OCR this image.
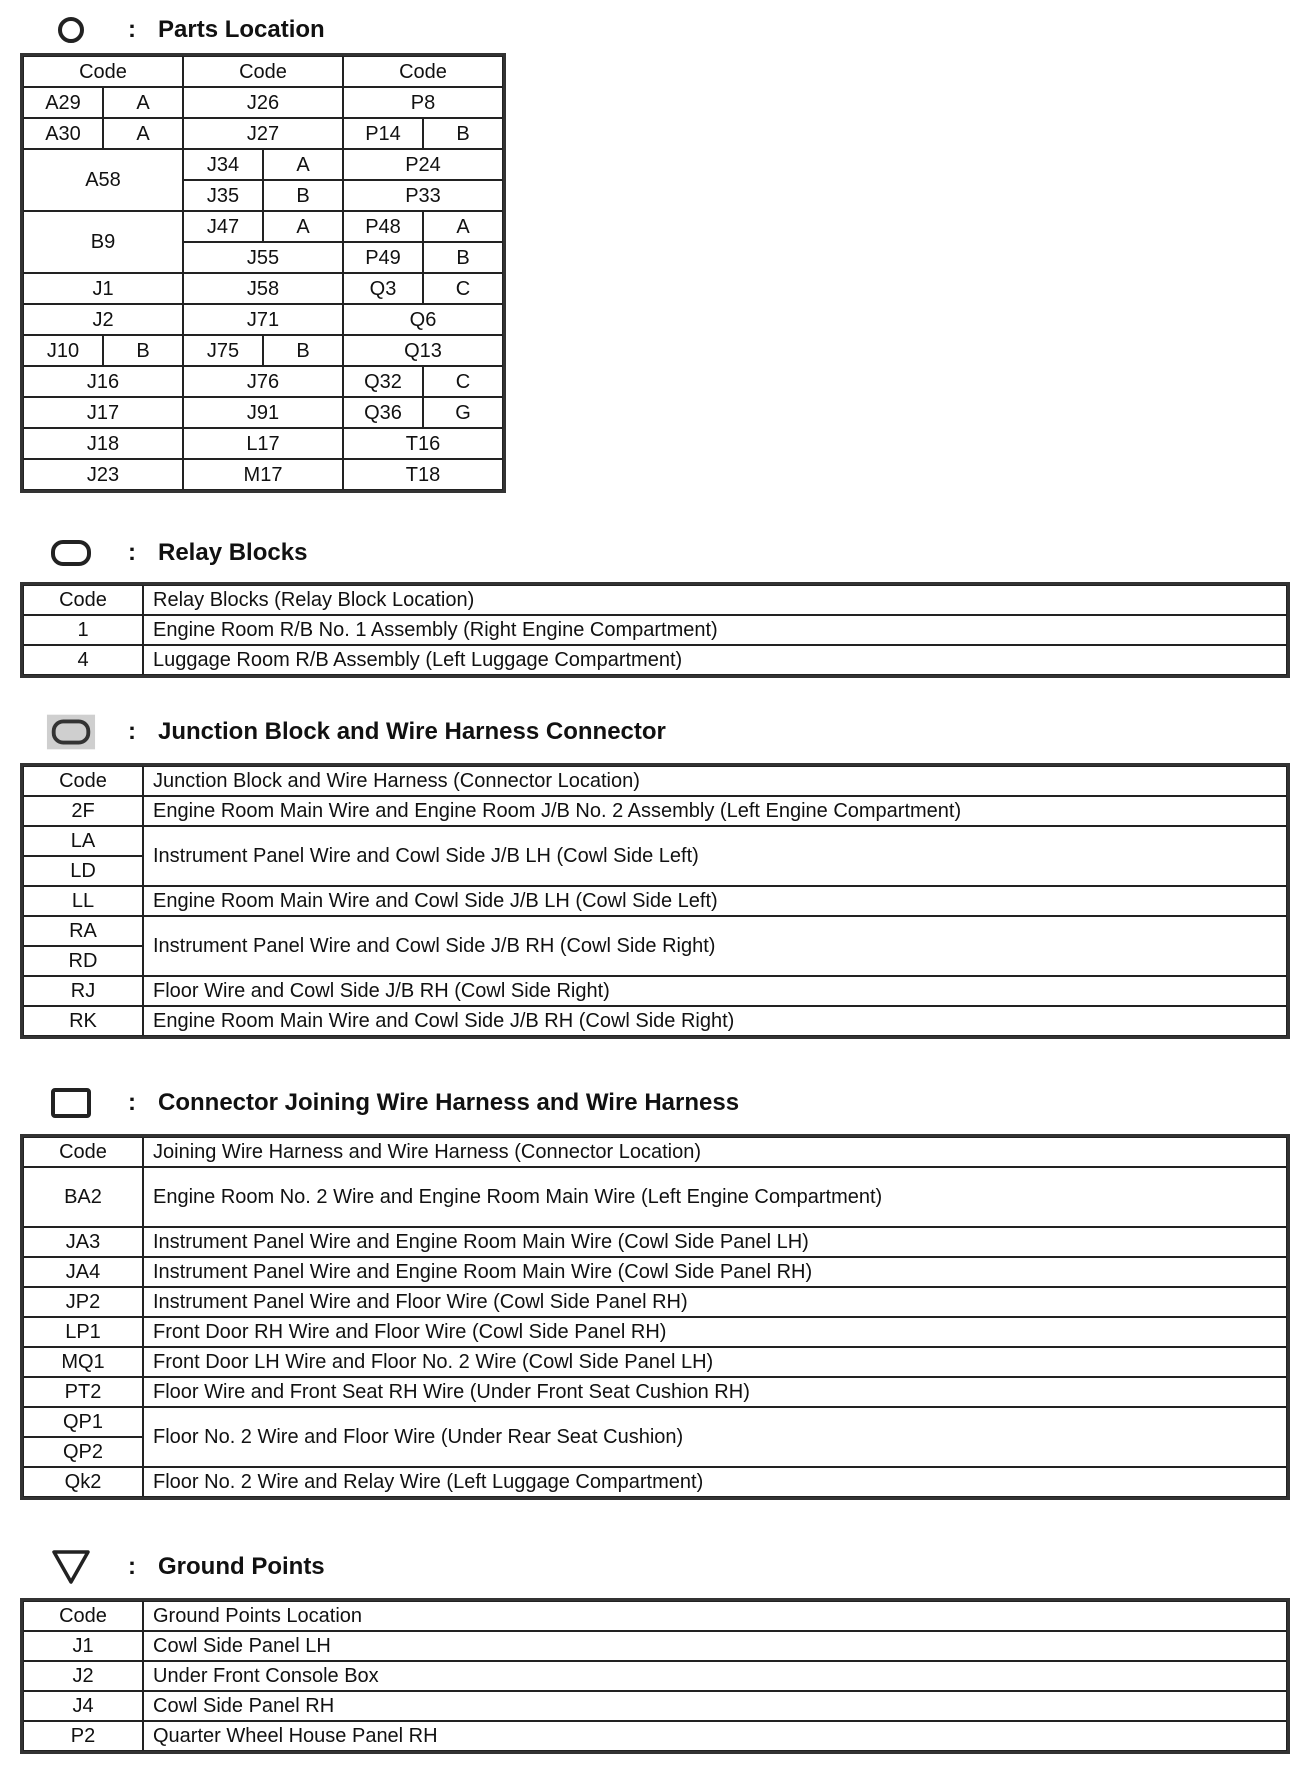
: Parts Location
Code		Code		Code	
A29	A	J26		P8	
A30	A	J27		P14	B
A58		J34	A	P24	
		J35	B	P33	
B9		J47	A	P48	A
		J55		P49	B
J1		J58		Q3	C
J2		J71		Q6	
J10	B	J75	B	Q13	
J16		J76		Q32	C
J17		J91		Q36	G
J18		L17		T16	
J23		M17		T18	
: Relay Blocks
Code	Relay Blocks (Relay Block Location)
1	Engine Room R/B No. 1 Assembly (Right Engine Compartment)
4	Luggage Room R/B Assembly (Left Luggage Compartment)
: Junction Block and Wire Harness Connector
Code	Junction Block and Wire Harness (Connector Location)
2F	Engine Room Main Wire and Engine Room J/B No. 2 Assembly (Left Engine Compartment)
LA	Instrument Panel Wire and Cowl Side J/B LH (Cowl Side Left)
LD	
LL	Engine Room Main Wire and Cowl Side J/B LH (Cowl Side Left)
RA	Instrument Panel Wire and Cowl Side J/B RH (Cowl Side Right)
RD	
RJ	Floor Wire and Cowl Side J/B RH (Cowl Side Right)
RK	Engine Room Main Wire and Cowl Side J/B RH (Cowl Side Right)
: Connector Joining Wire Harness and Wire Harness
Code	Joining Wire Harness and Wire Harness (Connector Location)
BA2	Engine Room No. 2 Wire and Engine Room Main Wire (Left Engine Compartment)
JA3	Instrument Panel Wire and Engine Room Main Wire (Cowl Side Panel LH)
JA4	Instrument Panel Wire and Engine Room Main Wire (Cowl Side Panel RH)
JP2	Instrument Panel Wire and Floor Wire (Cowl Side Panel RH)
LP1	Front Door RH Wire and Floor Wire (Cowl Side Panel RH)
MQ1	Front Door LH Wire and Floor No. 2 Wire (Cowl Side Panel LH)
PT2	Floor Wire and Front Seat RH Wire (Under Front Seat Cushion RH)
QP1	Floor No. 2 Wire and Floor Wire (Under Rear Seat Cushion)
QP2	
Qk2	Floor No. 2 Wire and Relay Wire (Left Luggage Compartment)
: Ground Points
Code	Ground Points Location
J1	Cowl Side Panel LH
J2	Under Front Console Box
J4	Cowl Side Panel RH
P2	Quarter Wheel House Panel RH
